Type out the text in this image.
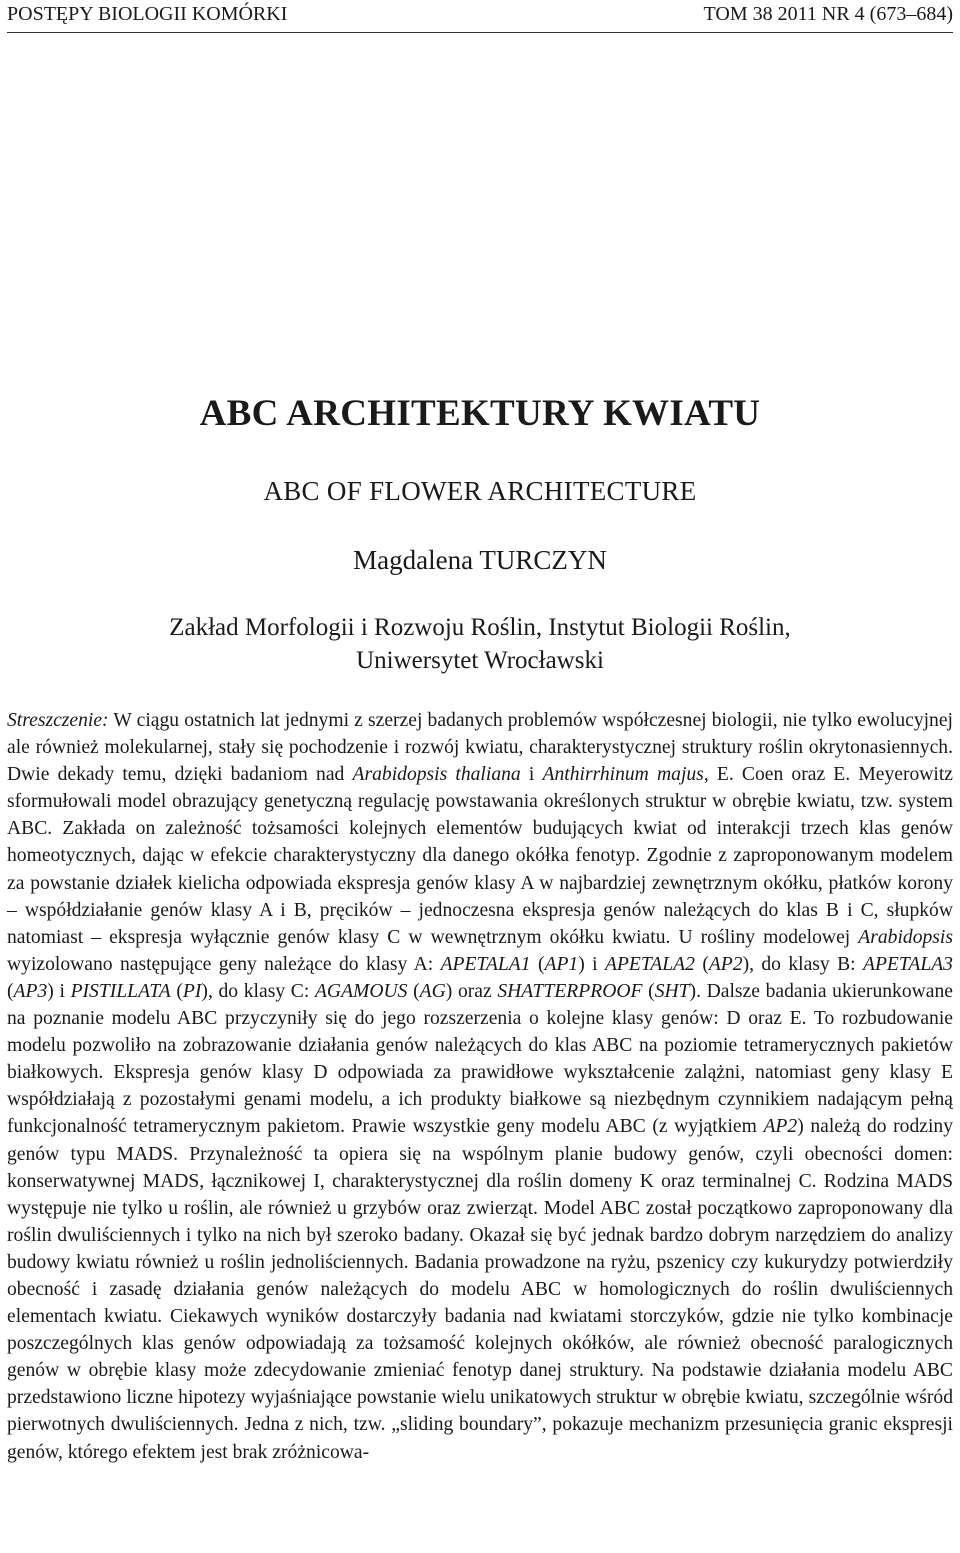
POSTĘPY BIOLOGII KOMÓRKI	TOM 38 2011 NR 4 (673–684)
ABC ARCHITEKTURY KWIATU
ABC OF FLOWER ARCHITECTURE
Magdalena TURCZYN
Zakład Morfologii i Rozwoju Roślin, Instytut Biologii Roślin,
Uniwersytet Wrocławski
Streszczenie: W ciągu ostatnich lat jednymi z szerzej badanych problemów współczesnej biologii, nie tylko ewolucyjnej ale również molekularnej, stały się pochodzenie i rozwój kwiatu, charakterystycznej struktury roślin okrytonasiennych. Dwie dekady temu, dzięki badaniom nad Arabidopsis thaliana i Anthirrhinum majus, E. Coen oraz E. Meyerowitz sformułowali model obrazujący genetyczną regulację powstawania określonych struktur w obrębie kwiatu, tzw. system ABC. Zakłada on zależność tożsamości kolejnych elementów budujących kwiat od interakcji trzech klas genów homeotycznych, dając w efekcie charakterystyczny dla danego okółka fenotyp. Zgodnie z zaproponowanym modelem za powstanie działek kielicha odpowiada ekspresja genów klasy A w najbardziej zewnętrznym okółku, płatków korony – współdziałanie genów klasy A i B, pręcików – jednoczesna ekspresja genów należących do klas B i C, słupków natomiast – ekspresja wyłącznie genów klasy C w wewnętrznym okółku kwiatu. U rośliny modelowej Arabidopsis wyizolowano następujące geny należące do klasy A: APETALA1 (AP1) i APETALA2 (AP2), do klasy B: APETALA3 (AP3) i PISTILLATA (PI), do klasy C: AGAMOUS (AG) oraz SHATTERPROOF (SHT). Dalsze badania ukierunkowane na poznanie modelu ABC przyczyniły się do jego rozszerzenia o kolejne klasy genów: D oraz E. To rozbudowanie modelu pozwoliło na zobrazowanie działania genów należących do klas ABC na poziomie tetramerycznych pakietów białkowych. Ekspresja genów klasy D odpowiada za prawidłowe wykształcenie zalążni, natomiast geny klasy E współdziałają z pozostałymi genami modelu, a ich produkty białkowe są niezbędnym czynnikiem nadającym pełną funkcjonalność tetramerycznym pakietom. Prawie wszystkie geny modelu ABC (z wyjątkiem AP2) należą do rodziny genów typu MADS. Przynależność ta opiera się na wspólnym planie budowy genów, czyli obecności domen: konserwatywnej MADS, łącznikowej I, charakterystycznej dla roślin domeny K oraz terminalnej C. Rodzina MADS występuje nie tylko u roślin, ale również u grzybów oraz zwierząt. Model ABC został początkowo zaproponowany dla roślin dwuliściennych i tylko na nich był szeroko badany. Okazał się być jednak bardzo dobrym narzędziem do analizy budowy kwiatu również u roślin jednoliściennych. Badania prowadzone na ryżu, pszenicy czy kukurydzy potwierdziły obecność i zasadę działania genów należących do modelu ABC w homologicznych do roślin dwuliściennych elementach kwiatu. Ciekawych wyników dostarczyły badania nad kwiatami storczyków, gdzie nie tylko kombinacje poszczególnych klas genów odpowiadają za tożsamość kolejnych okółków, ale również obecność paralogicznych genów w obrębie klasy może zdecydowanie zmieniać fenotyp danej struktury. Na podstawie działania modelu ABC przedstawiono liczne hipotezy wyjaśniające powstanie wielu unikatowych struktur w obrębie kwiatu, szczególnie wśród pierwotnych dwuliściennych. Jedna z nich, tzw. „sliding boundary”, pokazuje mechanizm przesunięcia granic ekspresji genów, którego efektem jest brak zróżnicowa-
